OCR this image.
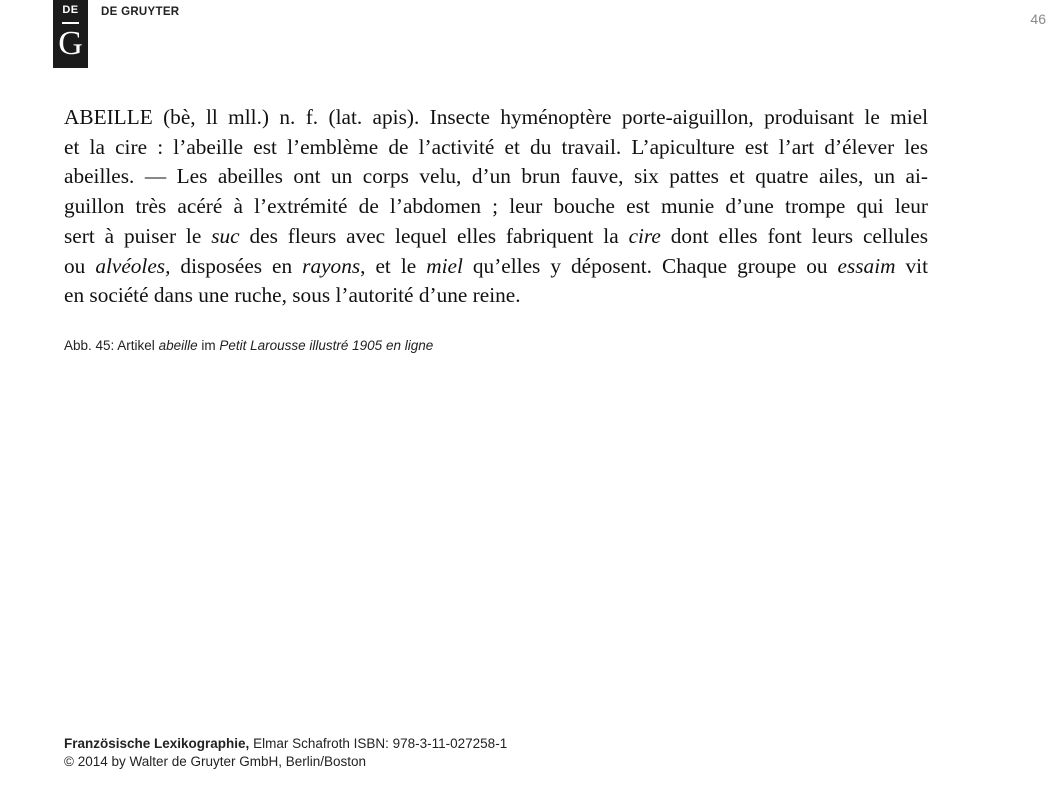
DE
G
DE GRUYTER	46
ABEILLE (bè, ll mll.) n. f. (lat. apis). Insecte hyménoptère porte-aiguillon, produisant le miel
et la cire : l’abeille est l’emblème de l’activité et du travail. L’apiculture est l’art d’élever les
abeilles. — Les abeilles ont un corps velu, d’un brun fauve, six pattes et quatre ailes, un ai-
guillon très acéré à l’extrémité de l’abdomen ; leur bouche est munie d’une trompe qui leur
sert à puiser le suc des fleurs avec lequel elles fabriquent la cire dont elles font leurs cellules
ou alvéoles, disposées en rayons, et le miel qu’elles y déposent. Chaque groupe ou essaim vit
en société dans une ruche, sous l’autorité d’une reine.
Abb. 45: Artikel abeille im Petit Larousse illustré 1905 en ligne
Französische Lexikographie, Elmar Schafroth ISBN: 978-3-11-027258-1
© 2014 by Walter de Gruyter GmbH, Berlin/Boston
